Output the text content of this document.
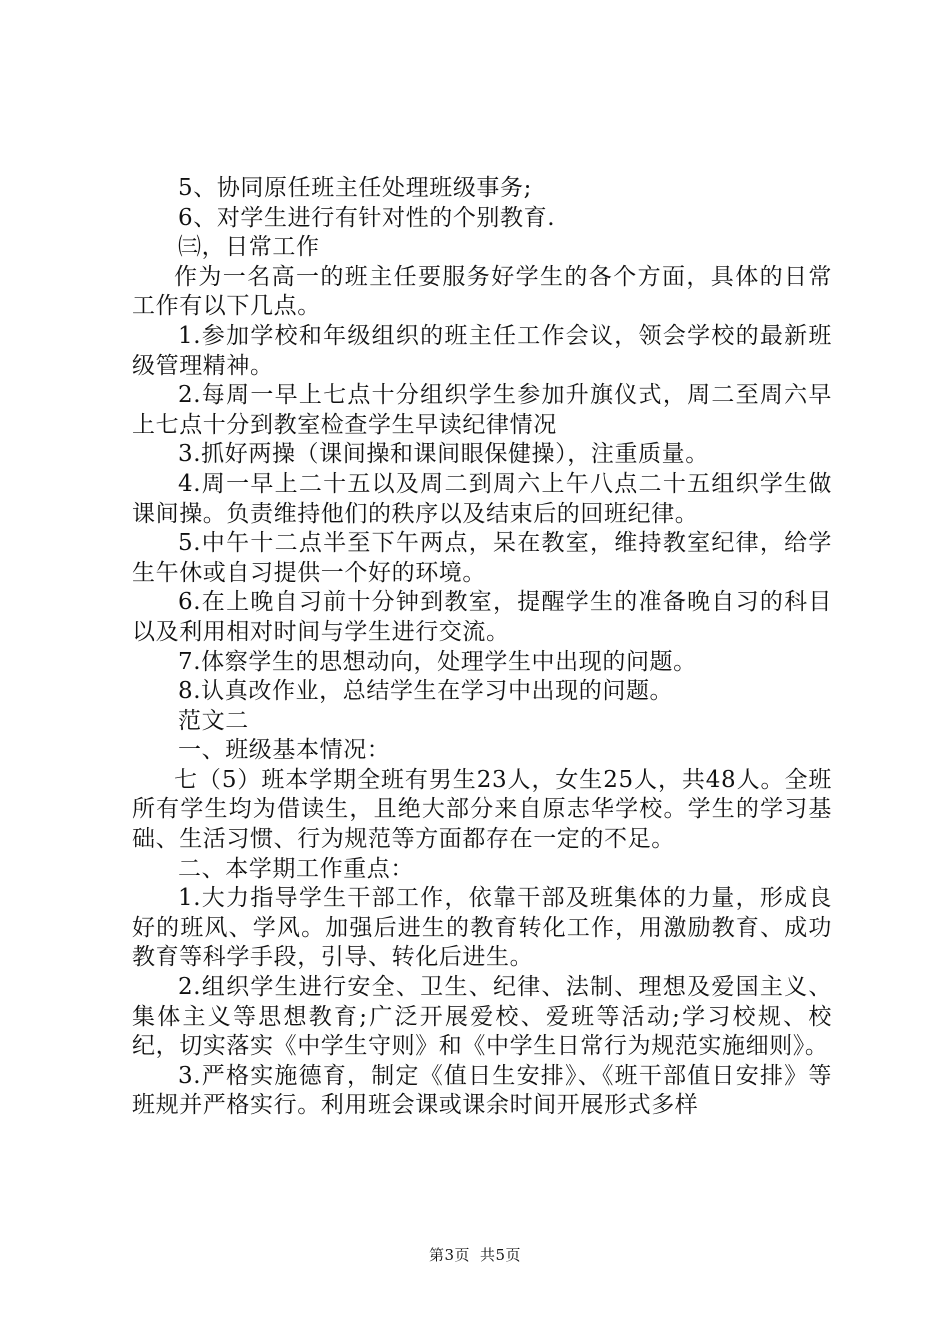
5、协同原任班主任处理班级事务;

6、对学生进行有针对性的个别教育.

㈢，日常工作

作为一名高一的班主任要服务好学生的各个方面，具体的日常工作有以下几点。

1.参加学校和年级组织的班主任工作会议，领会学校的最新班级管理精神。

2.每周一早上七点十分组织学生参加升旗仪式，周二至周六早上七点十分到教室检查学生早读纪律情况

3.抓好两操（课间操和课间眼保健操），注重质量。

4.周一早上二十五以及周二到周六上午八点二十五组织学生做课间操。负责维持他们的秩序以及结束后的回班纪律。

5.中午十二点半至下午两点，呆在教室，维持教室纪律，给学生午休或自习提供一个好的环境。

6.在上晚自习前十分钟到教室，提醒学生的准备晚自习的科目以及利用相对时间与学生进行交流。

7.体察学生的思想动向，处理学生中出现的问题。

8.认真改作业，总结学生在学习中出现的问题。

范文二

一、班级基本情况：

七（5）班本学期全班有男生23人，女生25人，共48人。全班所有学生均为借读生，且绝大部分来自原志华学校。学生的学习基础、生活习惯、行为规范等方面都存在一定的不足。

二、本学期工作重点：

1.大力指导学生干部工作，依靠干部及班集体的力量，形成良好的班风、学风。加强后进生的教育转化工作，用激励教育、成功教育等科学手段，引导、转化后进生。

2.组织学生进行安全、卫生、纪律、法制、理想及爱国主义、集体主义等思想教育;广泛开展爱校、爱班等活动;学习校规、校纪，切实落实《中学生守则》和《中学生日常行为规范实施细则》。

3.严格实施德育，制定《值日生安排》、《班干部值日安排》等班规并严格实行。利用班会课或课余时间开展形式多样

第3页 共5页
